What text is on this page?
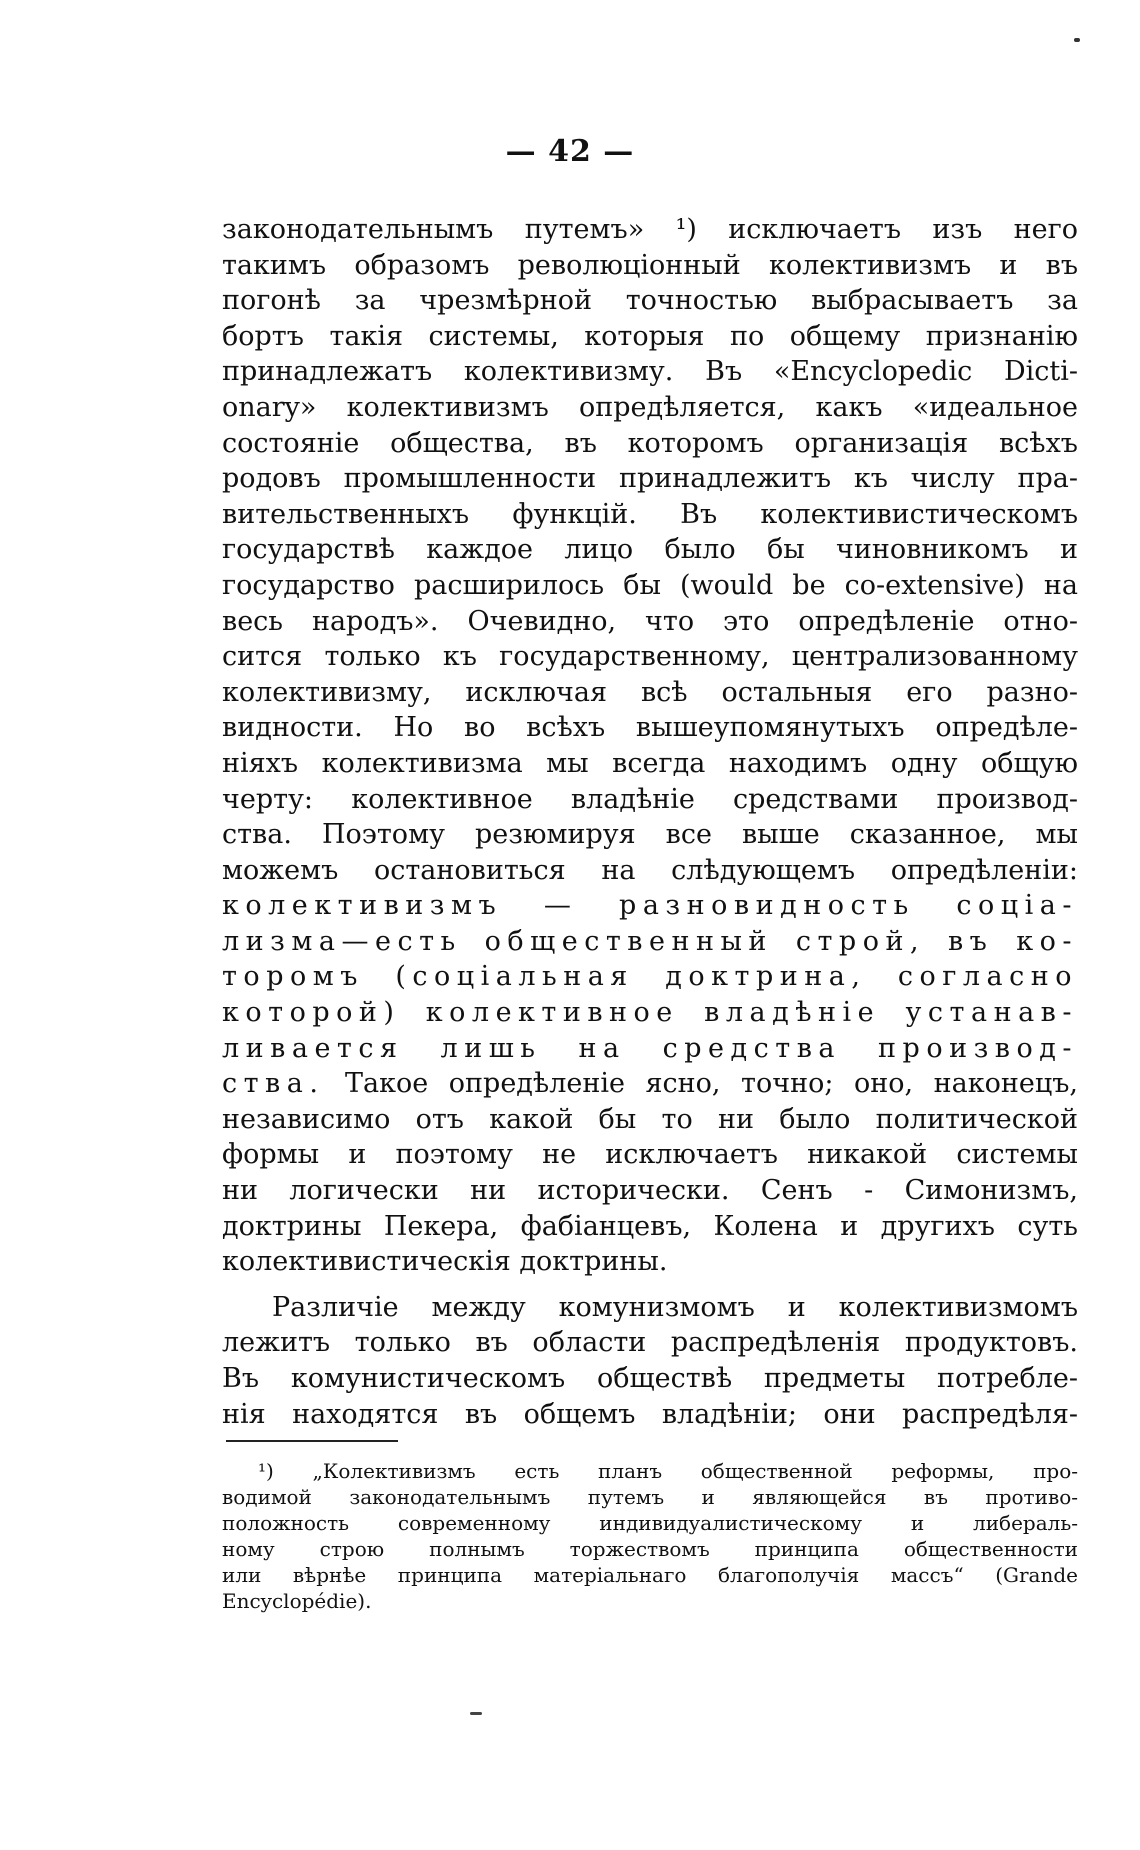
— 42 —
законодательнымъ путемъ» ¹) исключаетъ изъ него
такимъ образомъ революціонный колективизмъ и въ
погонѣ за чрезмѣрной точностью выбрасываетъ за
бортъ такія системы, которыя по общему признанію
принадлежатъ колективизму. Въ «Encyclopedic Dicti-
onary» колективизмъ опредѣляется, какъ «идеальное
состояніе общества, въ которомъ организація всѣхъ
родовъ промышленности принадлежитъ къ числу пра-
вительственныхъ функцій. Въ колективистическомъ
государствѣ каждое лицо было бы чиновникомъ и
государство расширилось бы (would be co-extensive) на
весь народъ». Очевидно, что это опредѣленіе отно-
сится только къ государственному, централизованному
колективизму, исключая всѣ остальныя его разно-
видности. Но во всѣхъ вышеупомянутыхъ опредѣле-
ніяхъ колективизма мы всегда находимъ одну общую
черту: колективное владѣніе средствами производ-
ства. Поэтому резюмируя все выше сказанное, мы
можемъ остановиться на слѣдующемъ опредѣленіи:
колективизмъ — разновидность соціа-
лизма—есть общественный строй, въ ко-
торомъ (соціальная доктрина, согласно
которой) колективное владѣніе устанав-
ливается лишь на средства производ-
ства. Такое опредѣленіе ясно, точно; оно, наконецъ,
независимо отъ какой бы то ни было политической
формы и поэтому не исключаетъ никакой системы
ни логически ни исторически. Сенъ - Симонизмъ,
доктрины Пекера, фабіанцевъ, Колена и другихъ суть
колективистическія доктрины.
Различіе между комунизмомъ и колективизмомъ
лежитъ только въ области распредѣленія продуктовъ.
Въ комунистическомъ обществѣ предметы потребле-
нія находятся въ общемъ владѣніи; они распредѣля-
¹) „Колективизмъ есть планъ общественной реформы, про-
водимой законодательнымъ путемъ и являющейся въ противо-
положность современному индивидуалистическому и либераль-
ному строю полнымъ торжествомъ принципа общественности
или вѣрнѣе принципа матеріальнаго благополучія массъ“ (Grande
Encyclopédie).
